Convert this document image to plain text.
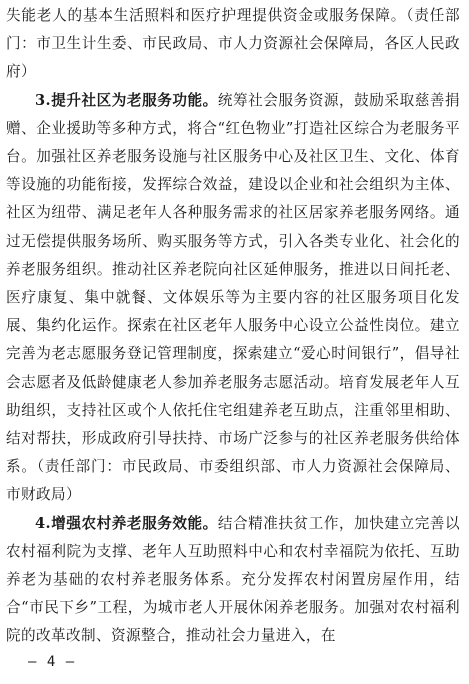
失能老人的基本生活照料和医疗护理提供资金或服务保障。（责任部门：市卫生计生委、市民政局、市人力资源社会保障局，各区人民政府）

3.提升社区为老服务功能。统筹社会服务资源，鼓励采取慈善捐赠、企业援助等多种方式，将合“红色物业”打造社区综合为老服务平台。加强社区养老服务设施与社区服务中心及社区卫生、文化、体育等设施的功能衔接，发挥综合效益，建设以企业和社会组织为主体、社区为纽带、满足老年人各种服务需求的社区居家养老服务网络。通过无偿提供服务场所、购买服务等方式，引入各类专业化、社会化的养老服务组织。推动社区养老院向社区延伸服务，推进以日间托老、医疗康复、集中就餐、文体娱乐等为主要内容的社区服务项目化发展、集约化运作。探索在社区老年人服务中心设立公益性岗位。建立完善为老志愿服务登记管理制度，探索建立“爱心时间银行”，倡导社会志愿者及低龄健康老人参加养老服务志愿活动。培育发展老年人互助组织，支持社区或个人依托住宅组建养老互助点，注重邻里相助、结对帮扶，形成政府引导扶持、市场广泛参与的社区养老服务供给体系。（责任部门：市民政局、市委组织部、市人力资源社会保障局、市财政局）

4.增强农村养老服务效能。结合精准扶贫工作，加快建立完善以农村福利院为支撑、老年人互助照料中心和农村幸福院为依托、互助养老为基础的农村养老服务体系。充分发挥农村闲置房屋作用，结合“市民下乡”工程，为城市老人开展休闲养老服务。加强对农村福利院的改革改制、资源整合，推动社会力量进入，在

— 4 —
